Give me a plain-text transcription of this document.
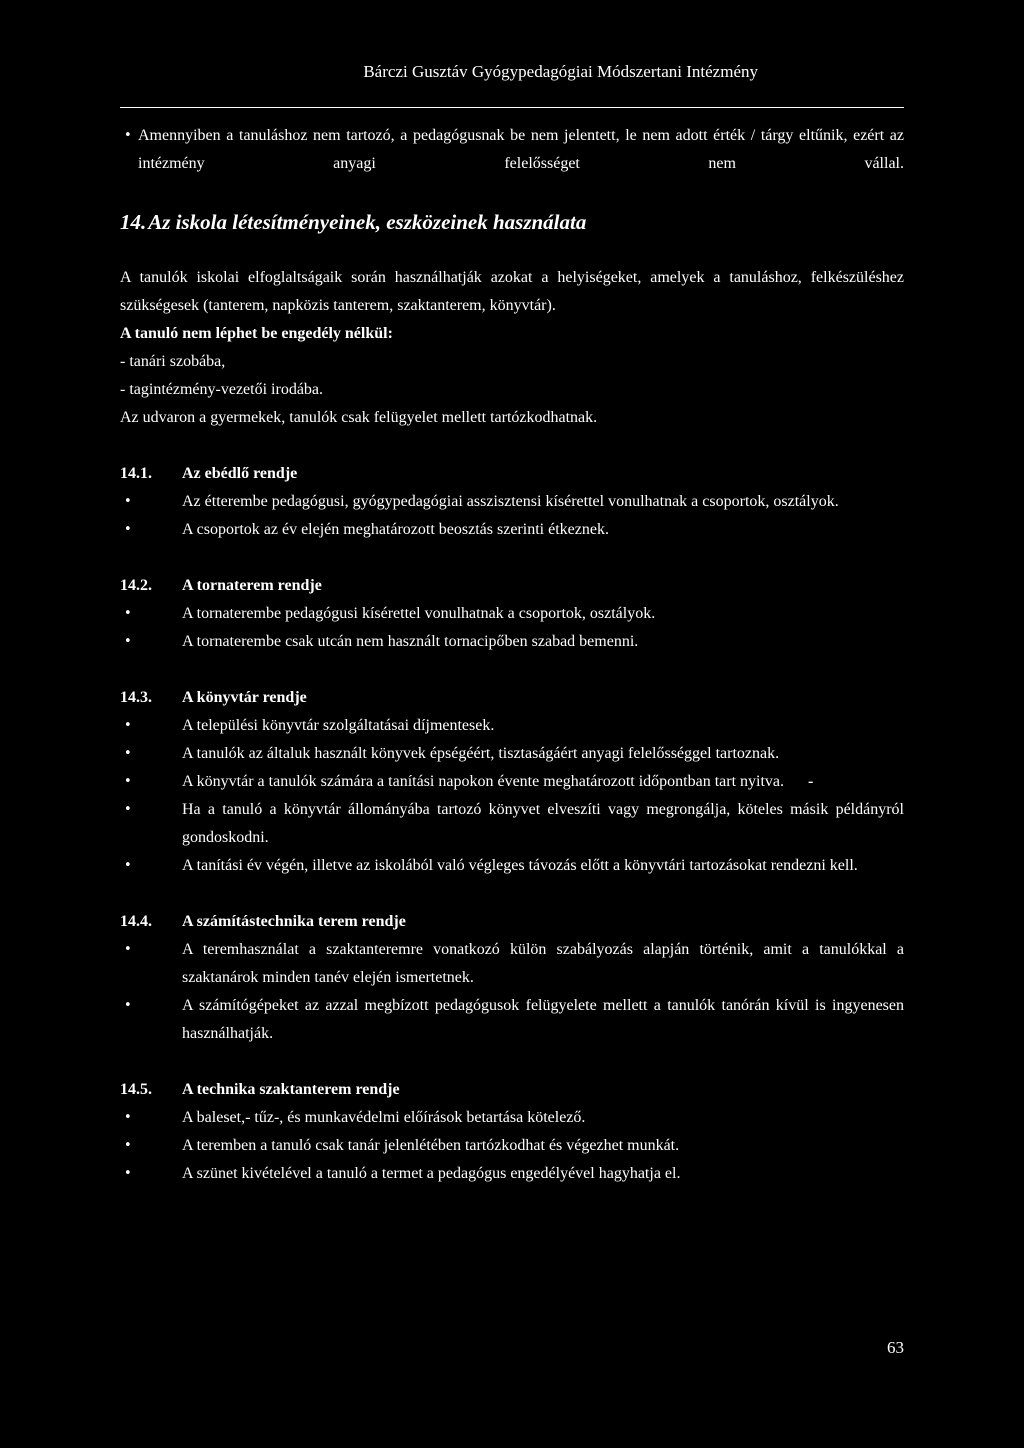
Bárczi Gusztáv Gyógypedagógiai Módszertani Intézmény
• Amennyiben a tanuláshoz nem tartozó, a pedagógusnak be nem jelentett, le nem adott érték / tárgy eltűnik, ezért az intézmény anyagi felelősséget nem vállal.
14.Az iskola létesítményeinek, eszközeinek használata
A tanulók iskolai elfoglaltságaik során használhatják azokat a helyiségeket, amelyek a tanuláshoz, felkészüléshez szükségesek (tanterem, napközis tanterem, szaktanterem, könyvtár).
A tanuló nem léphet be engedély nélkül:
- tanári szobába,
- tagintézmény-vezetői irodába.
Az udvaron a gyermekek, tanulók csak felügyelet mellett tartózkodhatnak.
14.1. Az ebédlő rendje
• Az étterembe pedagógusi, gyógypedagógiai asszisztensi kísérettel vonulhatnak a csoportok, osztályok.
• A csoportok az év elején meghatározott beosztás szerinti étkeznek.
14.2. A tornaterem rendje
• A tornaterembe pedagógusi kísérettel vonulhatnak a csoportok, osztályok.
• A tornaterembe csak utcán nem használt tornacipőben szabad bemenni.
14.3. A könyvtár rendje
• A települési könyvtár szolgáltatásai díjmentesek.
• A tanulók az általuk használt könyvek épségéért, tisztaságáért anyagi felelősséggel tartoznak.
• A könyvtár a tanulók számára a tanítási napokon évente meghatározott időpontban tart nyitva. -
• Ha a tanuló a könyvtár állományába tartozó könyvet elveszíti vagy megrongálja, köteles másik példányról gondoskodni.
• A tanítási év végén, illetve az iskolából való végleges távozás előtt a könyvtári tartozásokat rendezni kell.
14.4. A számítástechnika terem rendje
• A teremhasználat a szaktanteremre vonatkozó külön szabályozás alapján történik, amit a tanulókkal a szaktanárok minden tanév elején ismertetnek.
• A számítógépeket az azzal megbízott pedagógusok felügyelete mellett a tanulók tanórán kívül is ingyenesen használhatják.
14.5. A technika szaktanterem rendje
• A baleset,- tűz-, és munkavédelmi előírások betartása kötelező.
• A teremben a tanuló csak tanár jelenlétében tartózkodhat és végezhet munkát.
• A szünet kivételével a tanuló a termet a pedagógus engedélyével hagyhatja el.
63
